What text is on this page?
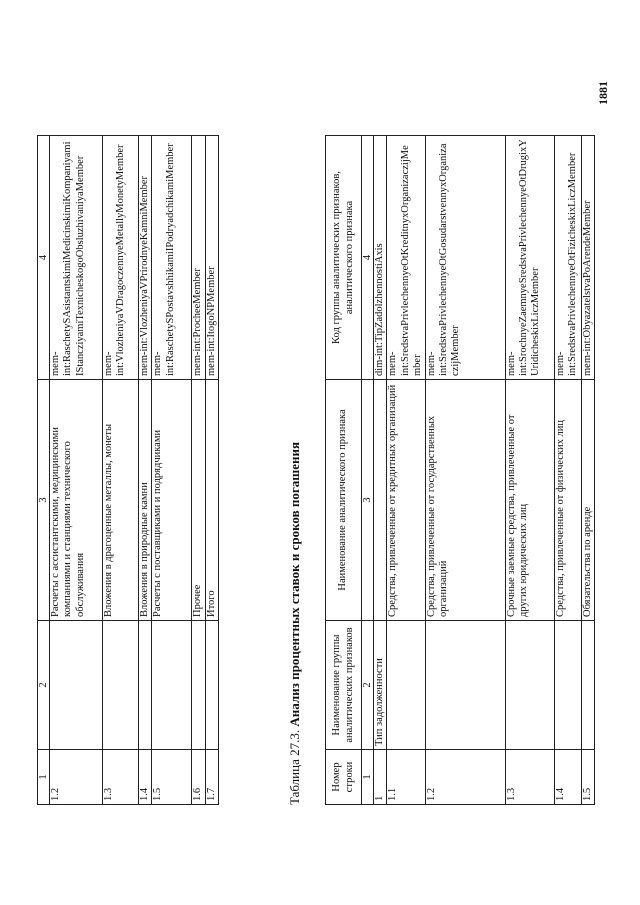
1	2	3	4
1.2		Расчеты с ассистантскими, медицинскими компаниями и станциями технического обслуживания	mem-int:RaschetySAsistantskimiMedicinskimiKompaniyamiIStancziyamiTexnicheskogoObsluzhivaniyaMember
1.3		Вложения в драгоценные металлы, монеты	mem-int:VlozheniyaVDragoczennyeMetallyMonetyMember
1.4		Вложения в природные камни	mem-int:VlozheniyaVPrirodnyeKamniMember
1.5		Расчеты с поставщиками и подрядчиками	mem-int:RaschetySPostavshhikamiIPodryadchikamiMember
1.6		Прочее	mem-int:ProcheeMember
1.7		Итого	mem-int:ItogoNPMember
Таблица 27.3. Анализ процентных ставок и сроков погашения
Номер строки	Наименование группы аналитических признаков	Наименование аналитического признака	Код группы аналитических признаков, аналитического признака
1	2	3	4
1	Тип задолженности		dim-int:TipZadolzhennostiAxis
1.1		Средства, привлеченные от кредитных организаций	mem-int:SredstvaPrivlechennyeOtKreditnyxOrganizaczijMember
1.2		Средства, привлеченные от государственных организаций	mem-int:SredstvaPrivlechennyeOtGosudarstvennyxOrganizaczijMember
1.3		Срочные заемные средства, привлеченные от других юридических лиц	mem-int:SrochnyeZaemnyeSredstvaPrivlechennyeOtDrugixYUridicheskixLiczMember
1.4		Средства, привлеченные от физических лиц	mem-int:SredstvaPrivlechennyeOtFizicheskixLiczMember
1.5		Обязательства по аренде	mem-int:ObyazatelstvaPoArendeMember
1881
